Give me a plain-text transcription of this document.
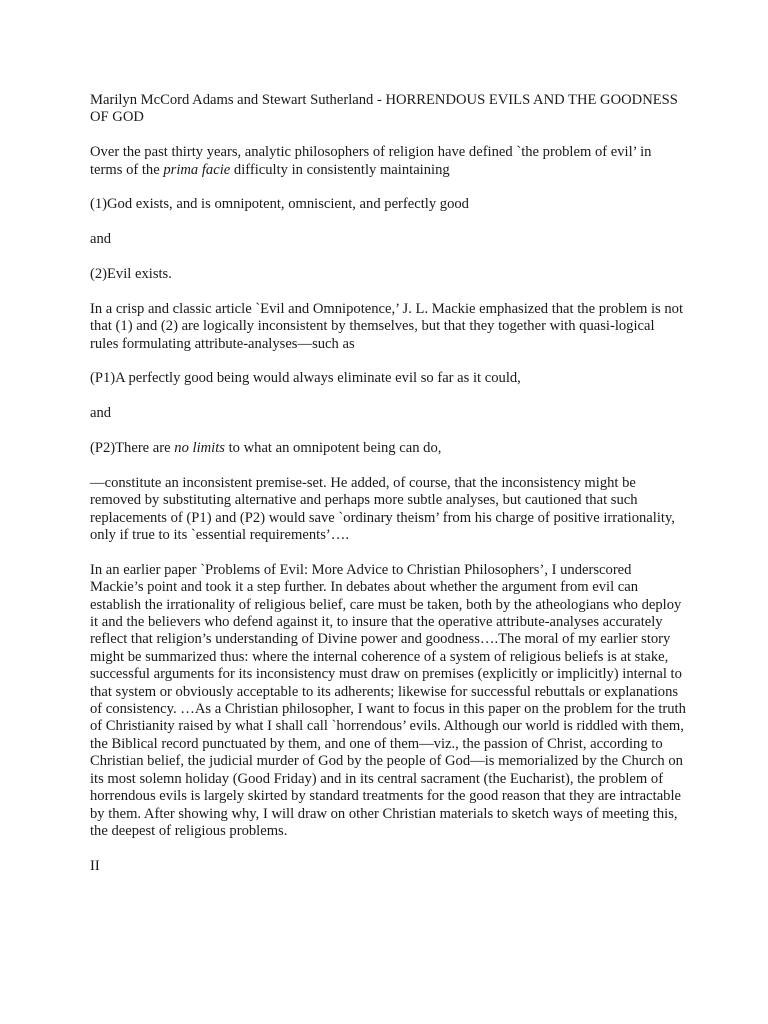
Marilyn McCord Adams and Stewart Sutherland - HORRENDOUS EVILS AND THE GOODNESS OF GOD

Over the past thirty years, analytic philosophers of religion have defined `the problem of evil’ in terms of the prima facie difficulty in consistently maintaining

(1)God exists, and is omnipotent, omniscient, and perfectly good

and

(2)Evil exists.

In a crisp and classic article `Evil and Omnipotence,’ J. L. Mackie emphasized that the problem is not that (1) and (2) are logically inconsistent by themselves, but that they together with quasi-logical rules formulating attribute-analyses—such as

(P1)A perfectly good being would always eliminate evil so far as it could,

and

(P2)There are no limits to what an omnipotent being can do,

—constitute an inconsistent premise-set. He added, of course, that the inconsistency might be removed by substituting alternative and perhaps more subtle analyses, but cautioned that such replacements of (P1) and (P2) would save `ordinary theism’ from his charge of positive irrationality, only if true to its `essential requirements’….

In an earlier paper `Problems of Evil: More Advice to Christian Philosophers’, I underscored Mackie’s point and took it a step further. In debates about whether the argument from evil can establish the irrationality of religious belief, care must be taken, both by the atheologians who deploy it and the believers who defend against it, to insure that the operative attribute-analyses accurately reflect that religion’s understanding of Divine power and goodness….The moral of my earlier story might be summarized thus: where the internal coherence of a system of religious beliefs is at stake, successful arguments for its inconsistency must draw on premises (explicitly or implicitly) internal to that system or obviously acceptable to its adherents; likewise for successful rebuttals or explanations of consistency. …As a Christian philosopher, I want to focus in this paper on the problem for the truth of Christianity raised by what I shall call `horrendous’ evils. Although our world is riddled with them, the Biblical record punctuated by them, and one of them—viz., the passion of Christ, according to Christian belief, the judicial murder of God by the people of God—is memorialized by the Church on its most solemn holiday (Good Friday) and in its central sacrament (the Eucharist), the problem of horrendous evils is largely skirted by standard treatments for the good reason that they are intractable by them. After showing why, I will draw on other Christian materials to sketch ways of meeting this, the deepest of religious problems.

II
